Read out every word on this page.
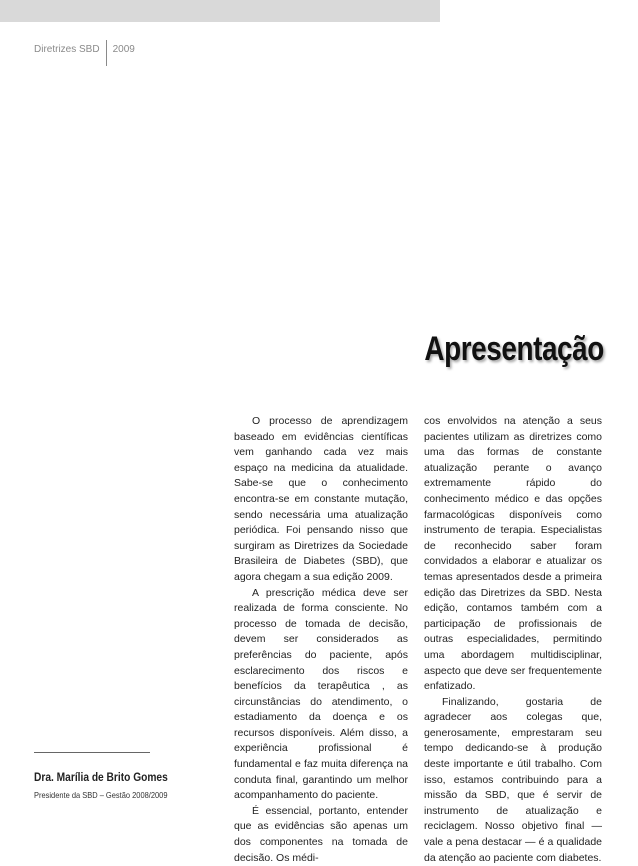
Diretrizes SBD	2009
Apresentação

O processo de aprendizagem baseado em evidências científicas vem ganhando cada vez mais espaço na medicina da atualidade. Sabe-se que o conhecimento encontra-se em constante mutação, sendo necessária uma atualização periódica. Foi pensando nisso que surgiram as Diretrizes da Sociedade Brasileira de Diabetes (SBD), que agora chegam a sua edição 2009.

A prescrição médica deve ser realizada de forma consciente. No processo de tomada de decisão, devem ser considerados as preferências do paciente, após esclarecimento dos riscos e benefícios da terapêutica , as circunstâncias do atendimento, o estadiamento da doença e os recursos disponíveis. Além disso, a experiência profissional é fundamental e faz muita diferença na conduta final, garantindo um melhor acompanhamento do paciente.

É essencial, portanto, entender que as evidências são apenas um dos componentes na tomada de decisão. Os médi-

cos envolvidos na atenção a seus pacientes utilizam as diretrizes como uma das formas de constante atualização perante o avanço extremamente rápido do conhecimento médico e das opções farmacológicas disponíveis como instrumento de terapia. Especialistas de reconhecido saber foram convidados a elaborar e atualizar os temas apresentados desde a primeira edição das Diretrizes da SBD. Nesta edição, contamos também com a participação de profissionais de outras especialidades, permitindo uma abordagem multidisciplinar, aspecto que deve ser frequentemente enfatizado.

Finalizando, gostaria de agradecer aos colegas que, generosamente, emprestaram seu tempo dedicando-se à produção deste importante e útil trabalho. Com isso, estamos contribuindo para a missão da SBD, que é servir de instrumento de atualização e reciclagem. Nosso objetivo final — vale a pena destacar — é a qualidade da atenção ao paciente com diabetes.

Dra. Marília de Brito Gomes
Presidente da SBD – Gestão 2008/2009
